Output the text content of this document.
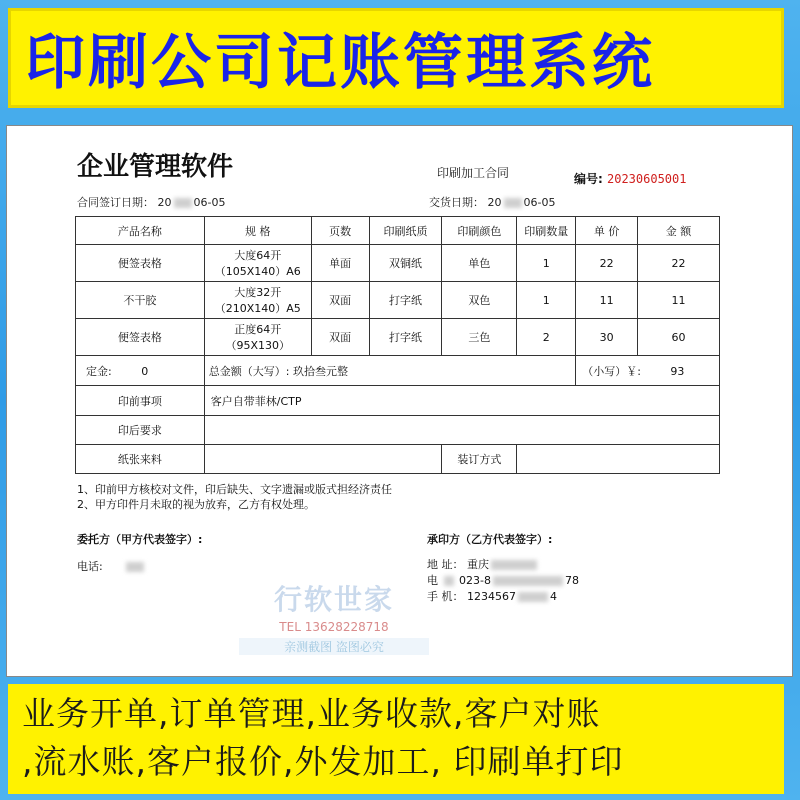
印刷公司记账管理系统
企业管理软件	印刷加工合同	编号: 20230605001
合同签订日期： 20 06-05	交货日期： 20 06-05
产品名称	规 格	页数	印刷纸质	印刷颜色	印刷数量	单 价	金 额
便签表格	大度64开（105X140）A6	单面	双铜纸	单色	1	22	22
不干胶	大度32开（210X140）A5	双面	打字纸	双色	1	11	11
便签表格	正度64开（95X130）	双面	打字纸	三色	2	30	60
定金: 0	总金额（大写）: 玖拾叁元整					（小写）￥: 93	
印前事项	客户自带菲林/CTP						
印后要求							
纸张来料				装订方式			
1、印前甲方核校对文件，印后缺失、文字遗漏或版式担经济责任
2、甲方印件月未取的视为放弃，乙方有权处理。
委托方（甲方代表签字）:
电话:
承印方（乙方代表签字）:
地 址： 重庆
电 023-8	78
手 机： 1234567	4
行软世家
TEL 13628228718
亲测截图 盗图必究
业务开单,订单管理,业务收款,客户对账
,流水账,客户报价,外发加工, 印刷单打印
